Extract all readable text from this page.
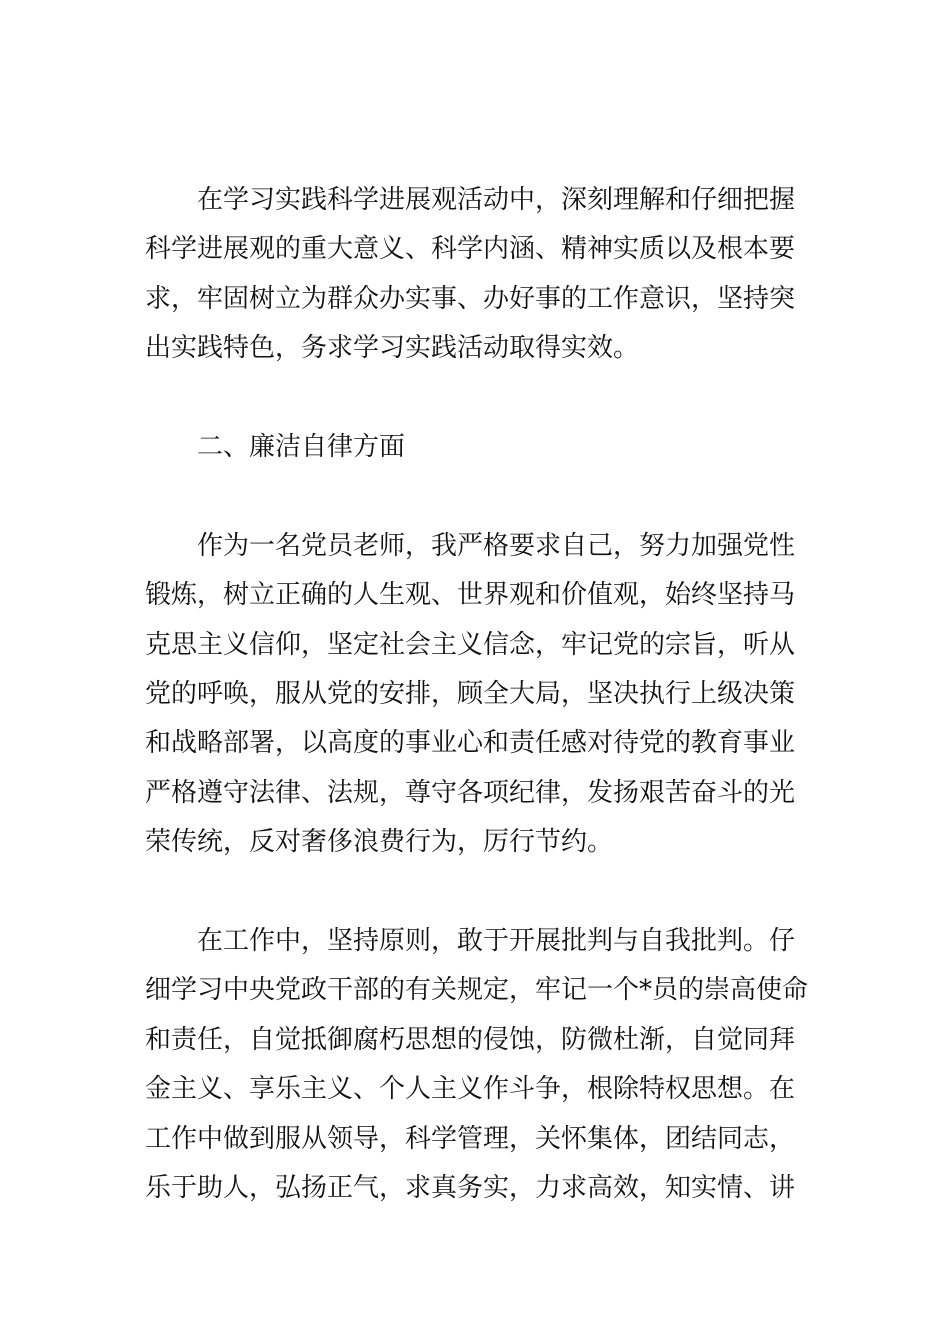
在学习实践科学进展观活动中，深刻理解和仔细把握
科学进展观的重大意义、科学内涵、精神实质以及根本要
求，牢固树立为群众办实事、办好事的工作意识，坚持突
出实践特色，务求学习实践活动取得实效。
二、廉洁自律方面
作为一名党员老师，我严格要求自己，努力加强党性
锻炼，树立正确的人生观、世界观和价值观，始终坚持马
克思主义信仰，坚定社会主义信念，牢记党的宗旨，听从
党的呼唤，服从党的安排，顾全大局，坚决执行上级决策
和战略部署，以高度的事业心和责任感对待党的教育事业
严格遵守法律、法规，尊守各项纪律，发扬艰苦奋斗的光
荣传统，反对奢侈浪费行为，厉行节约。
在工作中，坚持原则，敢于开展批判与自我批判。仔
细学习中央党政干部的有关规定，牢记一个*员的崇高使命
和责任，自觉抵御腐朽思想的侵蚀，防微杜渐，自觉同拜
金主义、享乐主义、个人主义作斗争，根除特权思想。在
工作中做到服从领导，科学管理，关怀集体，团结同志，
乐于助人，弘扬正气，求真务实，力求高效，知实情、讲
